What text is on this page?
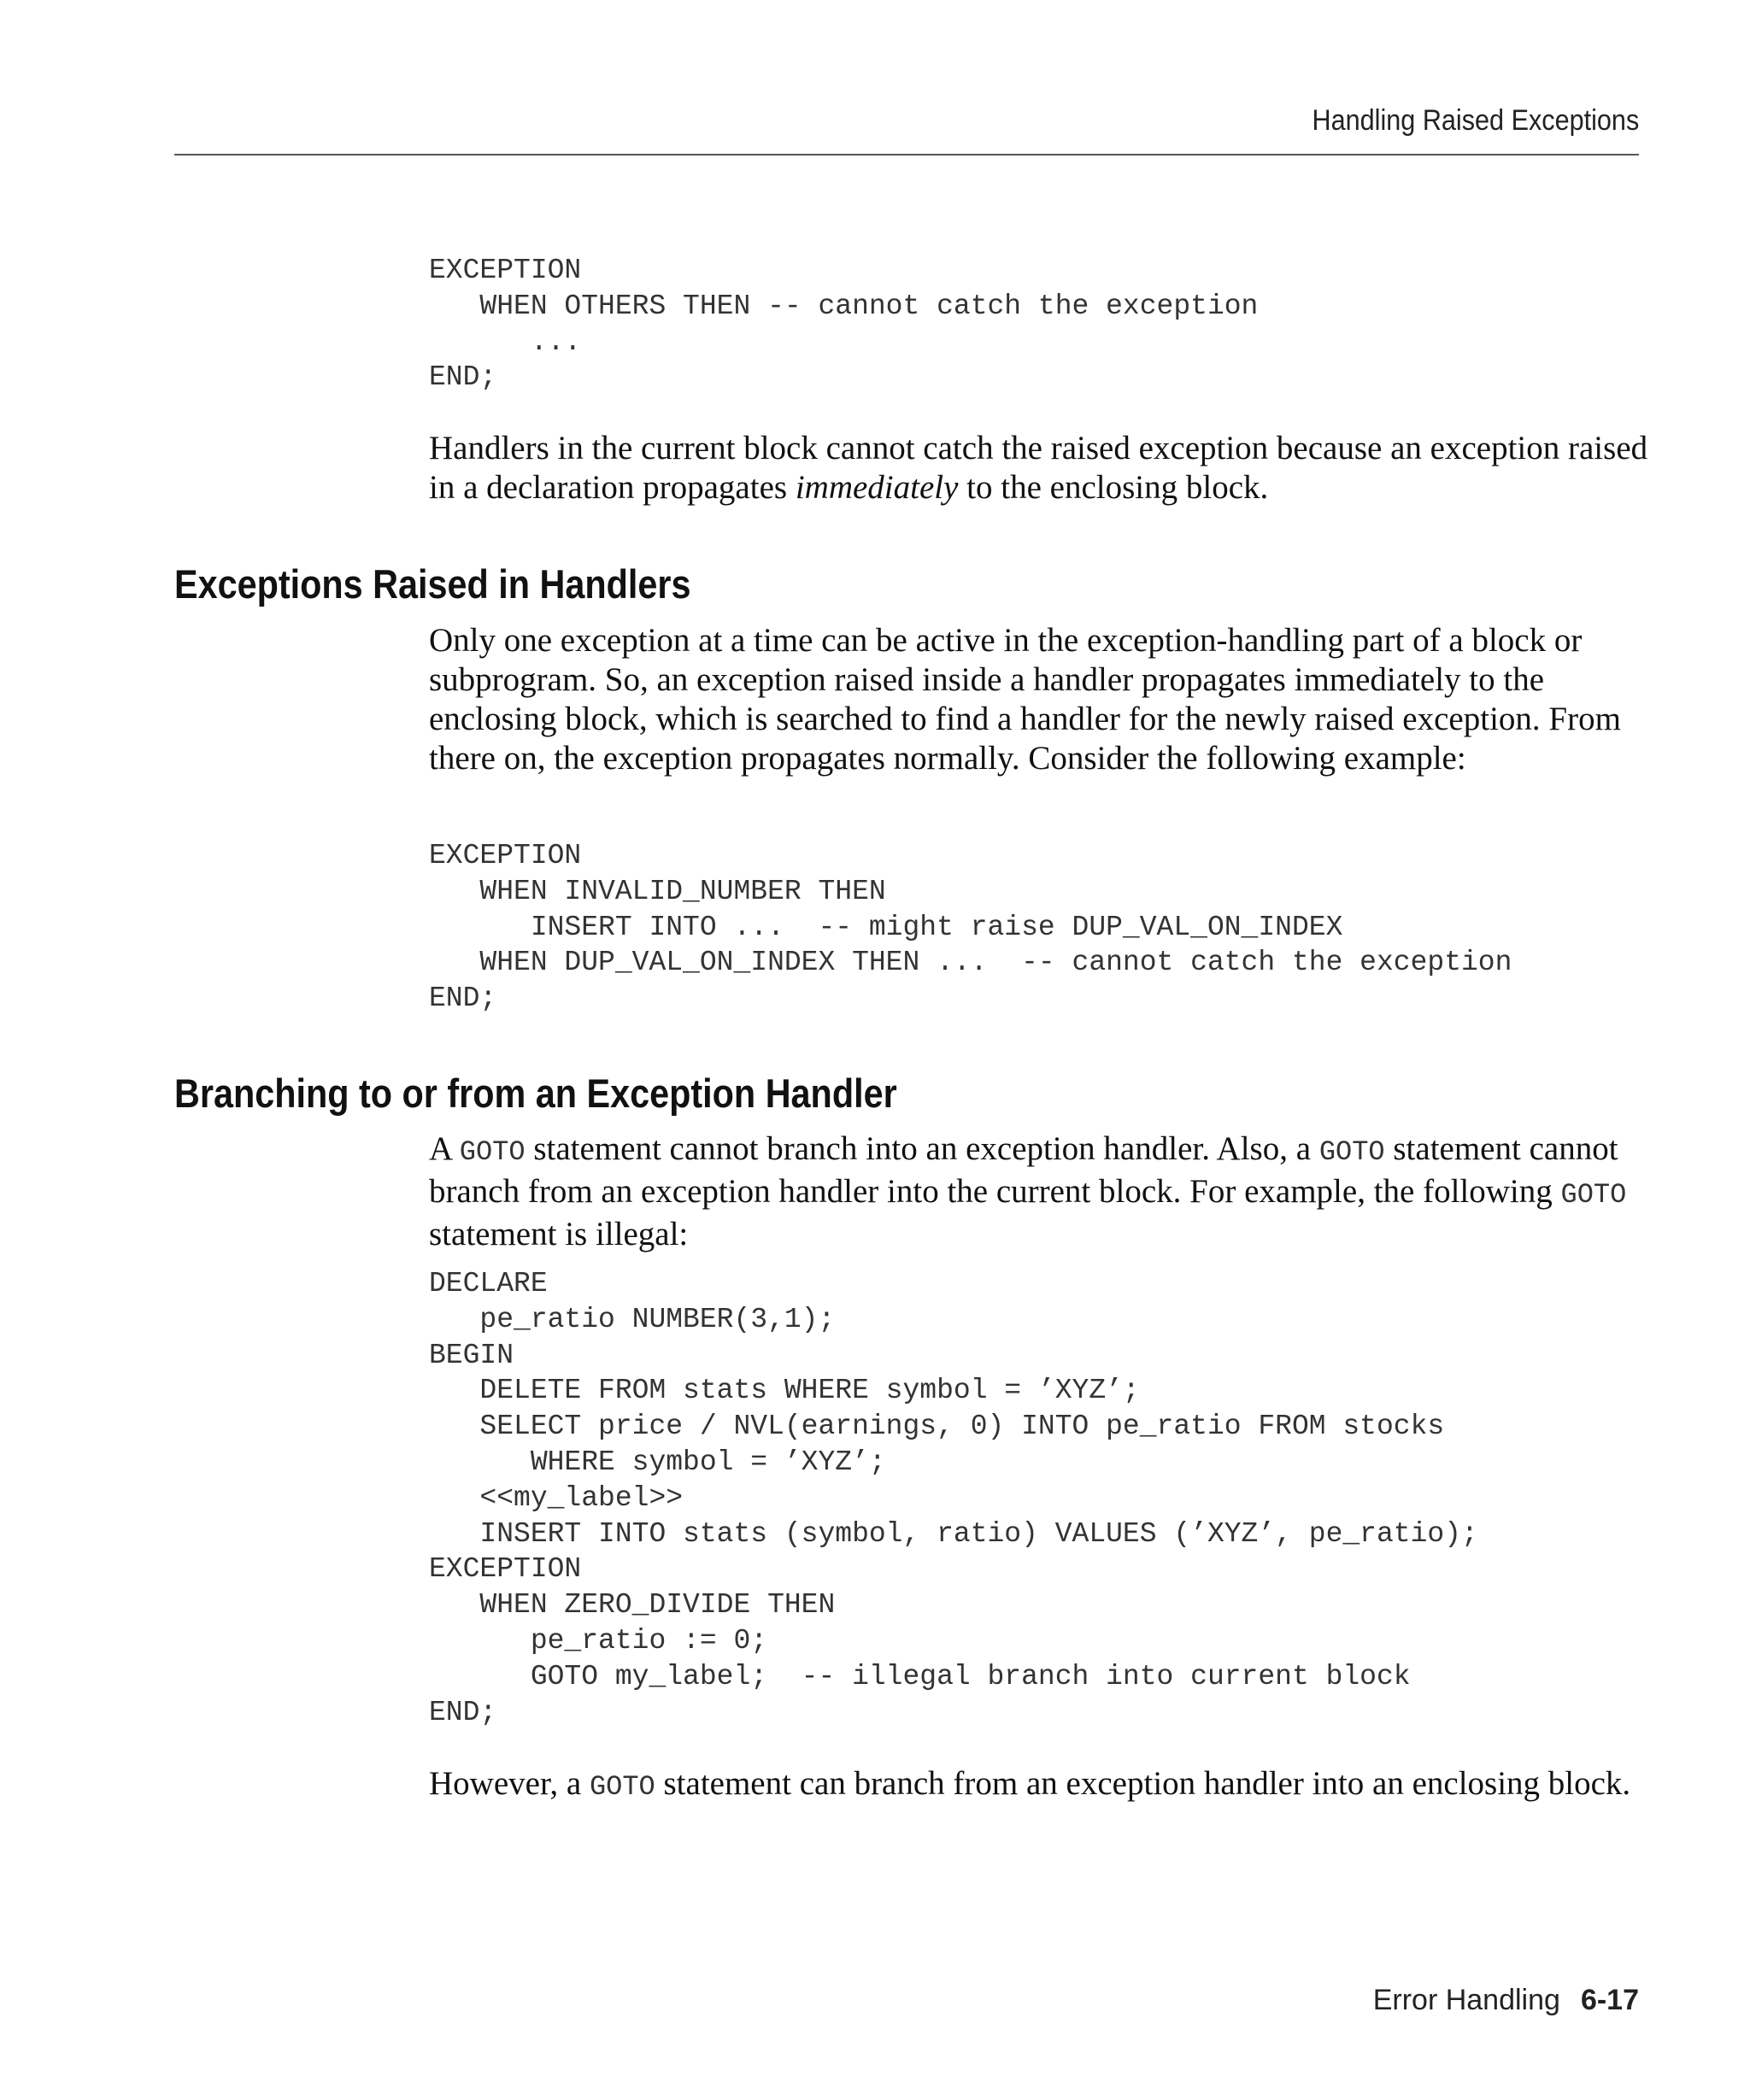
Handling Raised Exceptions
EXCEPTION
WHEN OTHERS THEN -- cannot catch the exception
...
END;

Handlers in the current block cannot catch the raised exception because an exception raised in a declaration propagates immediately to the enclosing block.

Exceptions Raised in Handlers

Only one exception at a time can be active in the exception-handling part of a block or subprogram. So, an exception raised inside a handler propagates immediately to the enclosing block, which is searched to find a handler for the newly raised exception. From there on, the exception propagates normally. Consider the following example:

EXCEPTION
WHEN INVALID_NUMBER THEN
INSERT INTO ...  -- might raise DUP_VAL_ON_INDEX
WHEN DUP_VAL_ON_INDEX THEN ...  -- cannot catch the exception
END;
Branching to or from an Exception Handler

A GOTO statement cannot branch into an exception handler. Also, a GOTO statement cannot branch from an exception handler into the current block. For example, the following GOTO statement is illegal:

DECLARE
pe_ratio NUMBER(3,1);
BEGIN
DELETE FROM stats WHERE symbol = ’XYZ’;
SELECT price / NVL(earnings, 0) INTO pe_ratio FROM stocks
WHERE symbol = ’XYZ’;
<<my_label>>
INSERT INTO stats (symbol, ratio) VALUES (’XYZ’, pe_ratio);
EXCEPTION
WHEN ZERO_DIVIDE THEN
pe_ratio := 0;
GOTO my_label;  -- illegal branch into current block
END;

However, a GOTO statement can branch from an exception handler into an enclosing block.

Error Handling 6-17
